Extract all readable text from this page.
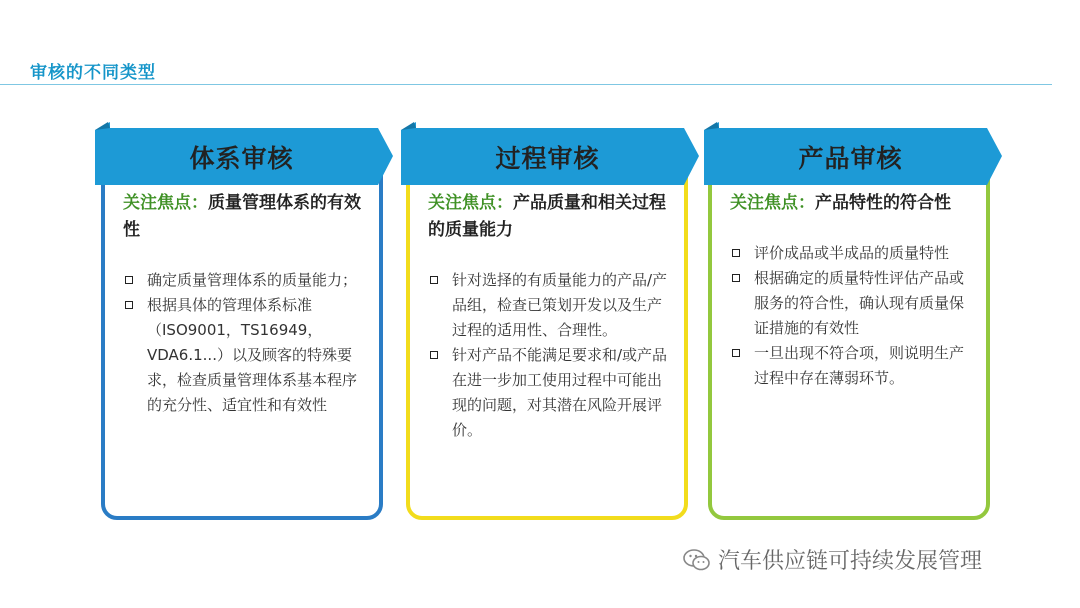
审核的不同类型
关注焦点：质量管理体系的有效性
确定质量管理体系的质量能力；
根据具体的管理体系标准（ISO9001，TS16949，VDA6.1...）以及顾客的特殊要求，检查质量管理体系基本程序的充分性、适宜性和有效性
体系审核
关注焦点：产品质量和相关过程的质量能力
针对选择的有质量能力的产品/产品组，检查已策划开发以及生产过程的适用性、合理性。
针对产品不能满足要求和/或产品在进一步加工使用过程中可能出现的问题，对其潜在风险开展评价。
过程审核
关注焦点：产品特性的符合性
评价成品或半成品的质量特性
根据确定的质量特性评估产品或服务的符合性，确认现有质量保证措施的有效性
一旦出现不符合项，则说明生产过程中存在薄弱环节。
产品审核
汽车供应链可持续发展管理
